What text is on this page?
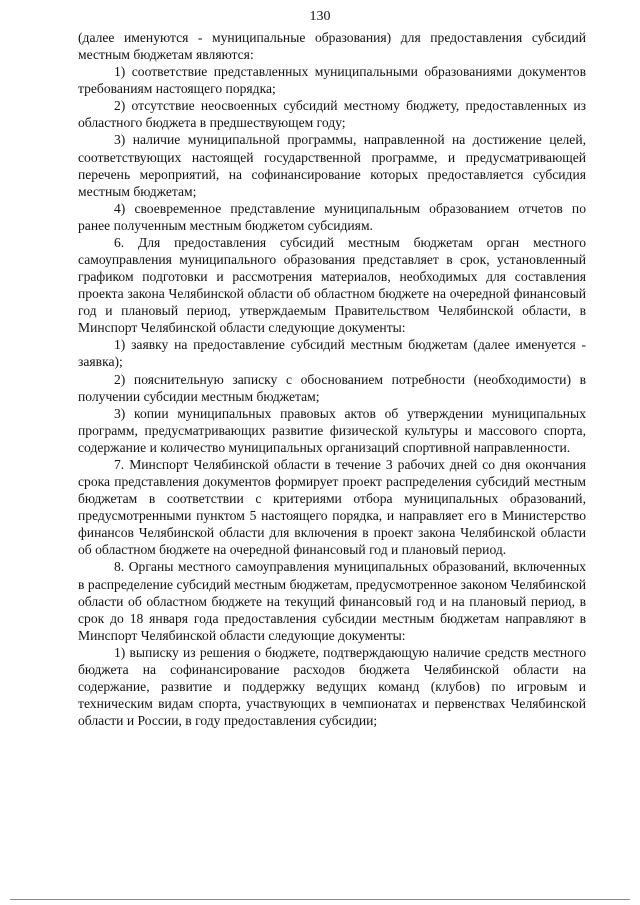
130

(далее именуются - муниципальные образования) для предоставления субсидий местным бюджетам являются:

1) соответствие представленных муниципальными образованиями документов требованиям настоящего порядка;

2) отсутствие неосвоенных субсидий местному бюджету, предоставленных из областного бюджета в предшествующем году;

3) наличие муниципальной программы, направленной на достижение целей, соответствующих настоящей государственной программе, и предусматривающей перечень мероприятий, на софинансирование которых предоставляется субсидия местным бюджетам;

4) своевременное представление муниципальным образованием отчетов по ранее полученным местным бюджетом субсидиям.

6. Для предоставления субсидий местным бюджетам орган местного самоуправления муниципального образования представляет в срок, установленный графиком подготовки и рассмотрения материалов, необходимых для составления проекта закона Челябинской области об областном бюджете на очередной финансовый год и плановый период, утверждаемым Правительством Челябинской области, в Минспорт Челябинской области следующие документы:

1) заявку на предоставление субсидий местным бюджетам (далее именуется - заявка);

2) пояснительную записку с обоснованием потребности (необходимости) в получении субсидии местным бюджетам;

3) копии муниципальных правовых актов об утверждении муниципальных программ, предусматривающих развитие физической культуры и массового спорта, содержание и количество муниципальных организаций спортивной направленности.

7. Минспорт Челябинской области в течение 3 рабочих дней со дня окончания срока представления документов формирует проект распределения субсидий местным бюджетам в соответствии с критериями отбора муниципальных образований, предусмотренными пунктом 5 настоящего порядка, и направляет его в Министерство финансов Челябинской области для включения в проект закона Челябинской области об областном бюджете на очередной финансовый год и плановый период.

8. Органы местного самоуправления муниципальных образований, включенных в распределение субсидий местным бюджетам, предусмотренное законом Челябинской области об областном бюджете на текущий финансовый год и на плановый период, в срок до 18 января года предоставления субсидии местным бюджетам направляют в Минспорт Челябинской области следующие документы:

1) выписку из решения о бюджете, подтверждающую наличие средств местного бюджета на софинансирование расходов бюджета Челябинской области на содержание, развитие и поддержку ведущих команд (клубов) по игровым и техническим видам спорта, участвующих в чемпионатах и первенствах Челябинской области и России, в году предоставления субсидии;
